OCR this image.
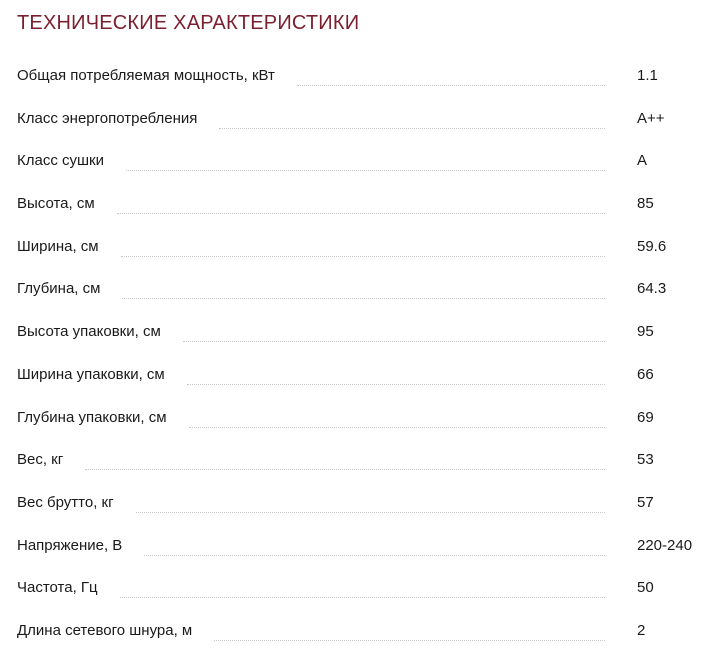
ТЕХНИЧЕСКИЕ ХАРАКТЕРИСТИКИ
Общая потребляемая мощность, кВт	1.1
Класс энергопотребления	A++
Класс сушки	A
Высота, см	85
Ширина, см	59.6
Глубина, см	64.3
Высота упаковки, см	95
Ширина упаковки, см	66
Глубина упаковки, см	69
Вес, кг	53
Вес брутто, кг	57
Напряжение, В	220-240
Частота, Гц	50
Длина сетевого шнура, м	2
